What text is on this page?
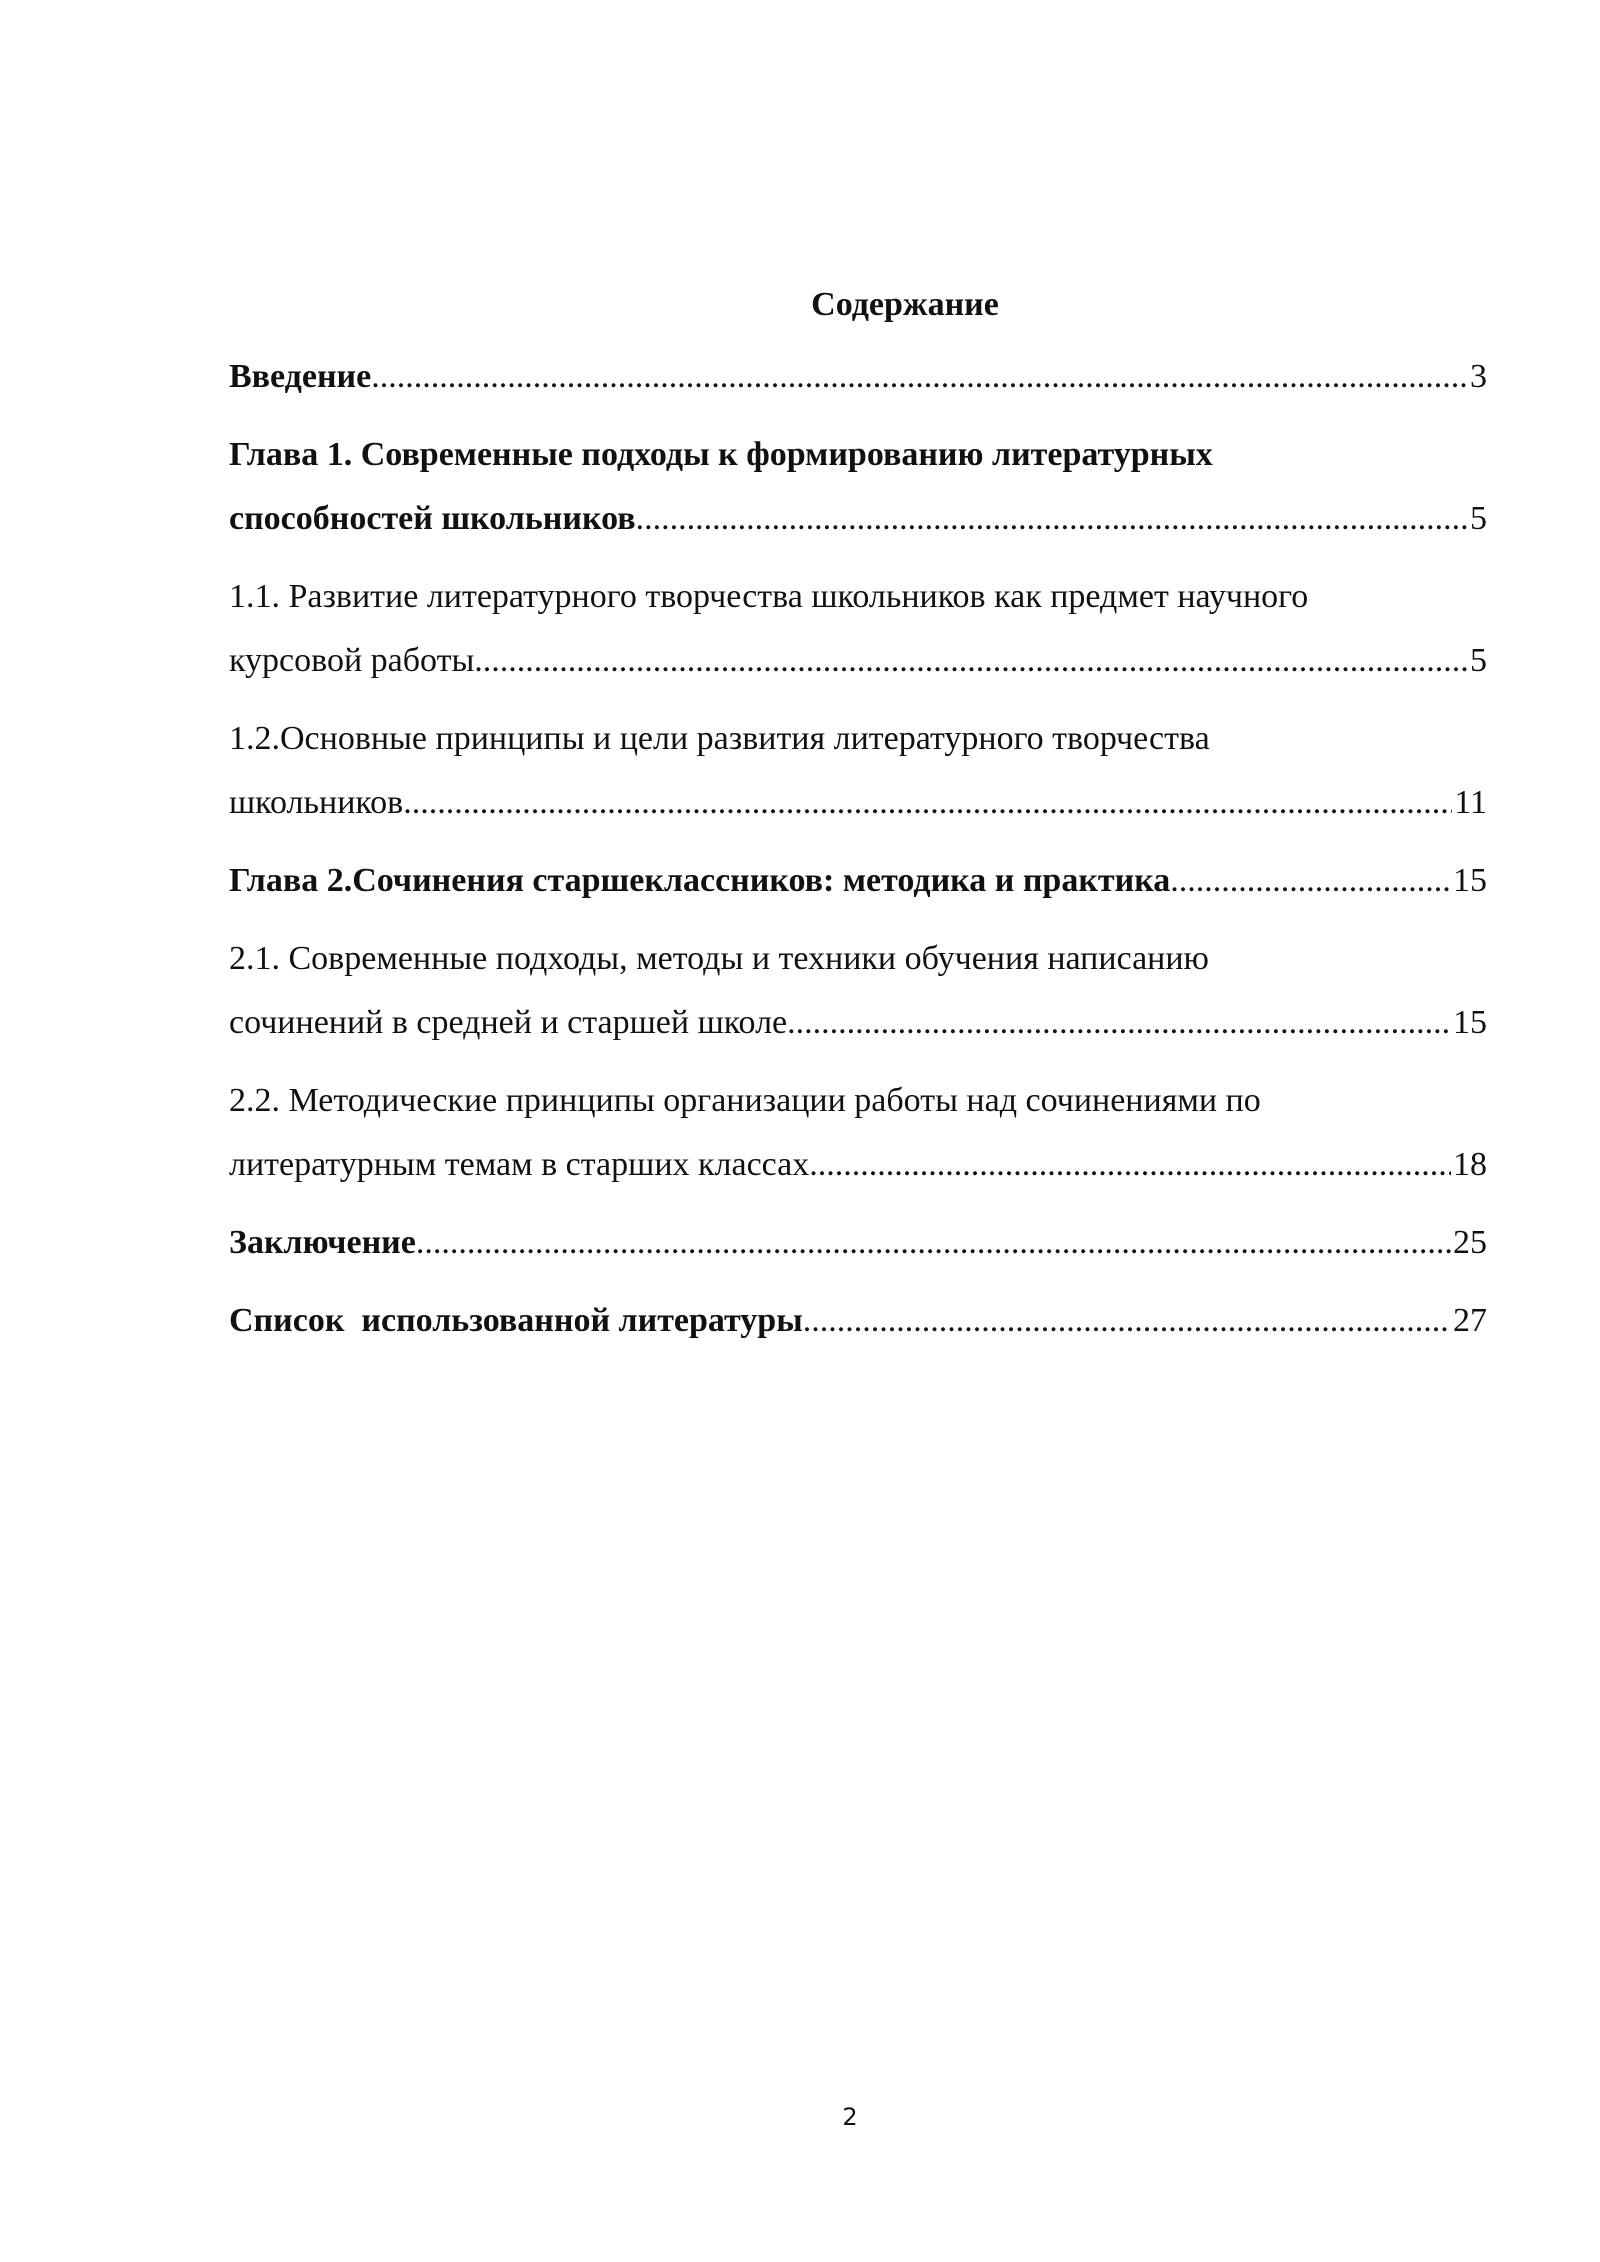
Содержание
Введение .....	3
Глава 1. Современные подходы к формированию литературных
способностей школьников .....	5
1.1. Развитие литературного творчества школьников как предмет научного
курсовой работы .....	5
1.2.Основные принципы и цели развития литературного творчества
школьников .....	11
Глава 2.Сочинения старшеклассников: методика и практика .....	15
2.1. Современные подходы, методы и техники обучения написанию
сочинений в средней и старшей школе .....	15
2.2. Методические принципы организации работы над сочинениями по
литературным темам в старших классах .....	18
Заключение .....	25
Список  использованной литературы .....	27
2
